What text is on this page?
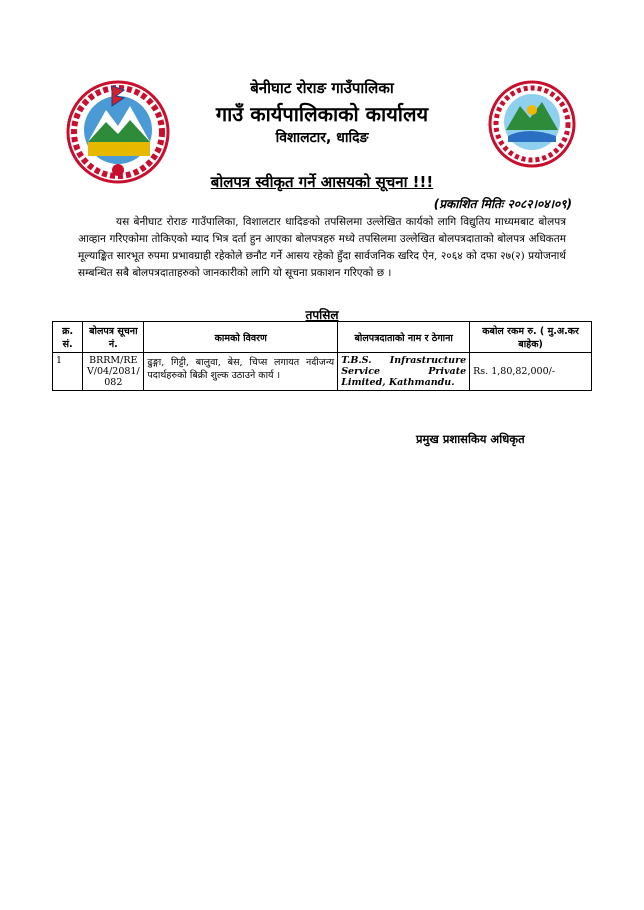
बेनीघाट रोराङ गाउँपालिका
गाउँ कार्यपालिकाको कार्यालय
विशालटार, धादिङ
बोलपत्र स्वीकृत गर्ने आसयको सूचना !!!
(प्रकाशित मितिः २०८२।०४।०९)
यस बेनीघाट रोराङ गाउँपालिका, विशालटार धादिङको तपसिलमा उल्लेखित कार्यको लागि विद्युतिय माध्यमबाट बोलपत्र आव्हान गरिएकोमा तोकिएको म्याद भित्र दर्ता हुन आएका बोलपत्रहरु मध्ये तपसिलमा उल्लेखित बोलपत्रदाताको बोलपत्र अधिकतम मूल्याङ्कित सारभूत रुपमा प्रभावग्राही रहेकोले छनौट गर्ने आसय रहेको हुँदा सार्वजनिक खरिद ऐन, २०६४ को दफा २७(२) प्रयोजनार्थ सम्बन्धित सबै बोलपत्रदाताहरुको जानकारीको लागि यो सूचना प्रकाशन गरिएको छ ।
तपसिल
क्र. सं.	बोलपत्र सूचना नं.	कामको विवरण	बोलपत्रदाताको नाम र ठेगाना	कबोल रकम रु. ( मु.अ.कर बाहेक)
1	BRRM/REV/04/2081/082	ढुङ्गा, गिट्टी, बालुवा, बेस, चिप्स लगायत नदीजन्य पदार्थहरुको बिक्री शुल्क उठाउने कार्य ।	T.B.S. Infrastructure Service Private Limited, Kathmandu.	Rs. 1,80,82,000/-
प्रमुख प्रशासकिय अधिकृत
